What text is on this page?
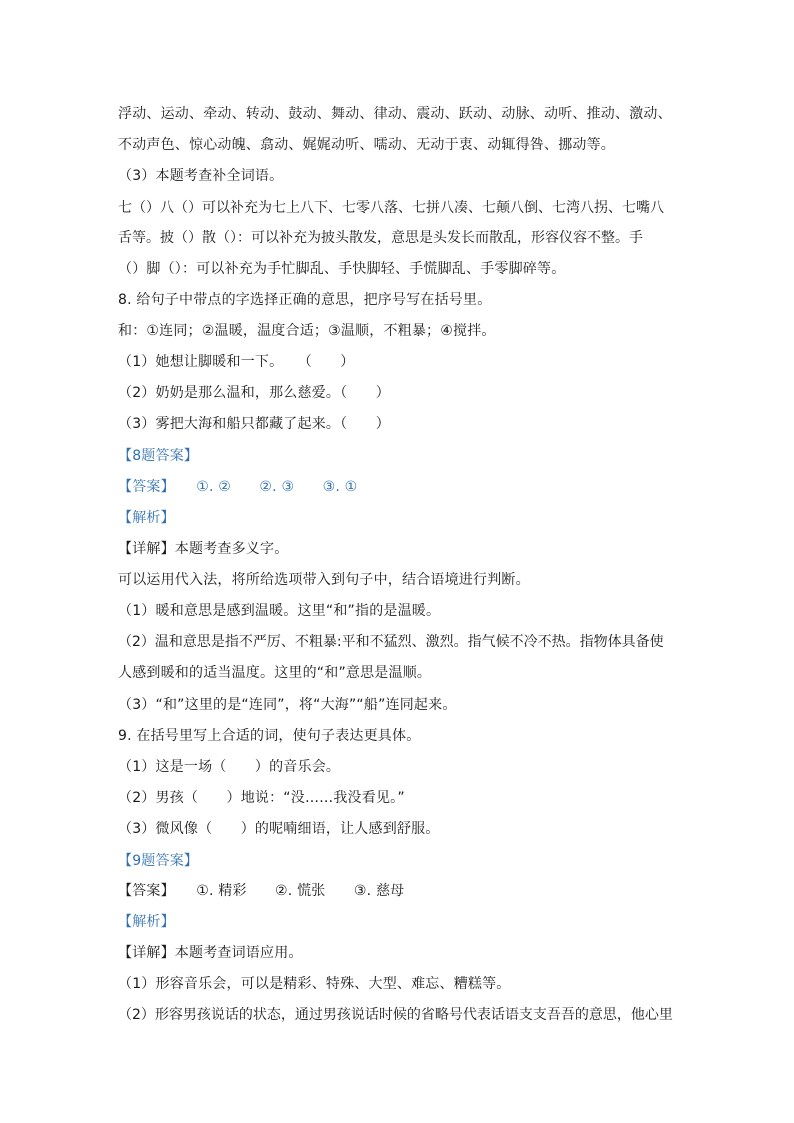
浮动、运动、牵动、转动、鼓动、舞动、律动、震动、跃动、动脉、动听、推动、激动、
不动声色、惊心动魄、翕动、娓娓动听、嚅动、无动于衷、动辄得咎、挪动等。
（3）本题考查补全词语。
七（）八（）可以补充为七上八下、七零八落、七拼八凑、七颠八倒、七湾八拐、七嘴八
舌等。披（）散（）：可以补充为披头散发，意思是头发长而散乱，形容仪容不整。手
（）脚（）：可以补充为手忙脚乱、手快脚轻、手慌脚乱、手零脚碎等。
8. 给句子中带点的字选择正确的意思，把序号写在括号里。
和：①连同；②温暖，温度合适；③温顺，不粗暴；④搅拌。
（1）她想让脚暖和一下。　　（　　）
（2）奶奶是那么温和，那么慈爱。（　　）
（3）雾把大海和船只都藏了起来。（　　）
【8题答案】
【答案】　　①. ②　　②. ③　　③. ①
【解析】
【详解】本题考查多义字。
可以运用代入法，将所给选项带入到句子中，结合语境进行判断。
（1）暖和意思是感到温暖。这里“和”指的是温暖。
（2）温和意思是指不严厉、不粗暴:平和不猛烈、激烈。指气候不冷不热。指物体具备使
人感到暖和的适当温度。这里的“和”意思是温顺。
（3）“和”这里的是“连同”，将“大海”“船”连同起来。
9. 在括号里写上合适的词，使句子表达更具体。
（1）这是一场（　　）的音乐会。
（2）男孩（　　）地说：“没……我没看见。”
（3）微风像（　　）的呢喃细语，让人感到舒服。
【9题答案】
【答案】　　①. 精彩　　②. 慌张　　③. 慈母
【解析】
【详解】本题考查词语应用。
（1）形容音乐会，可以是精彩、特殊、大型、难忘、糟糕等。
（2）形容男孩说话的状态，通过男孩说话时候的省略号代表话语支支吾吾的意思，他心里
